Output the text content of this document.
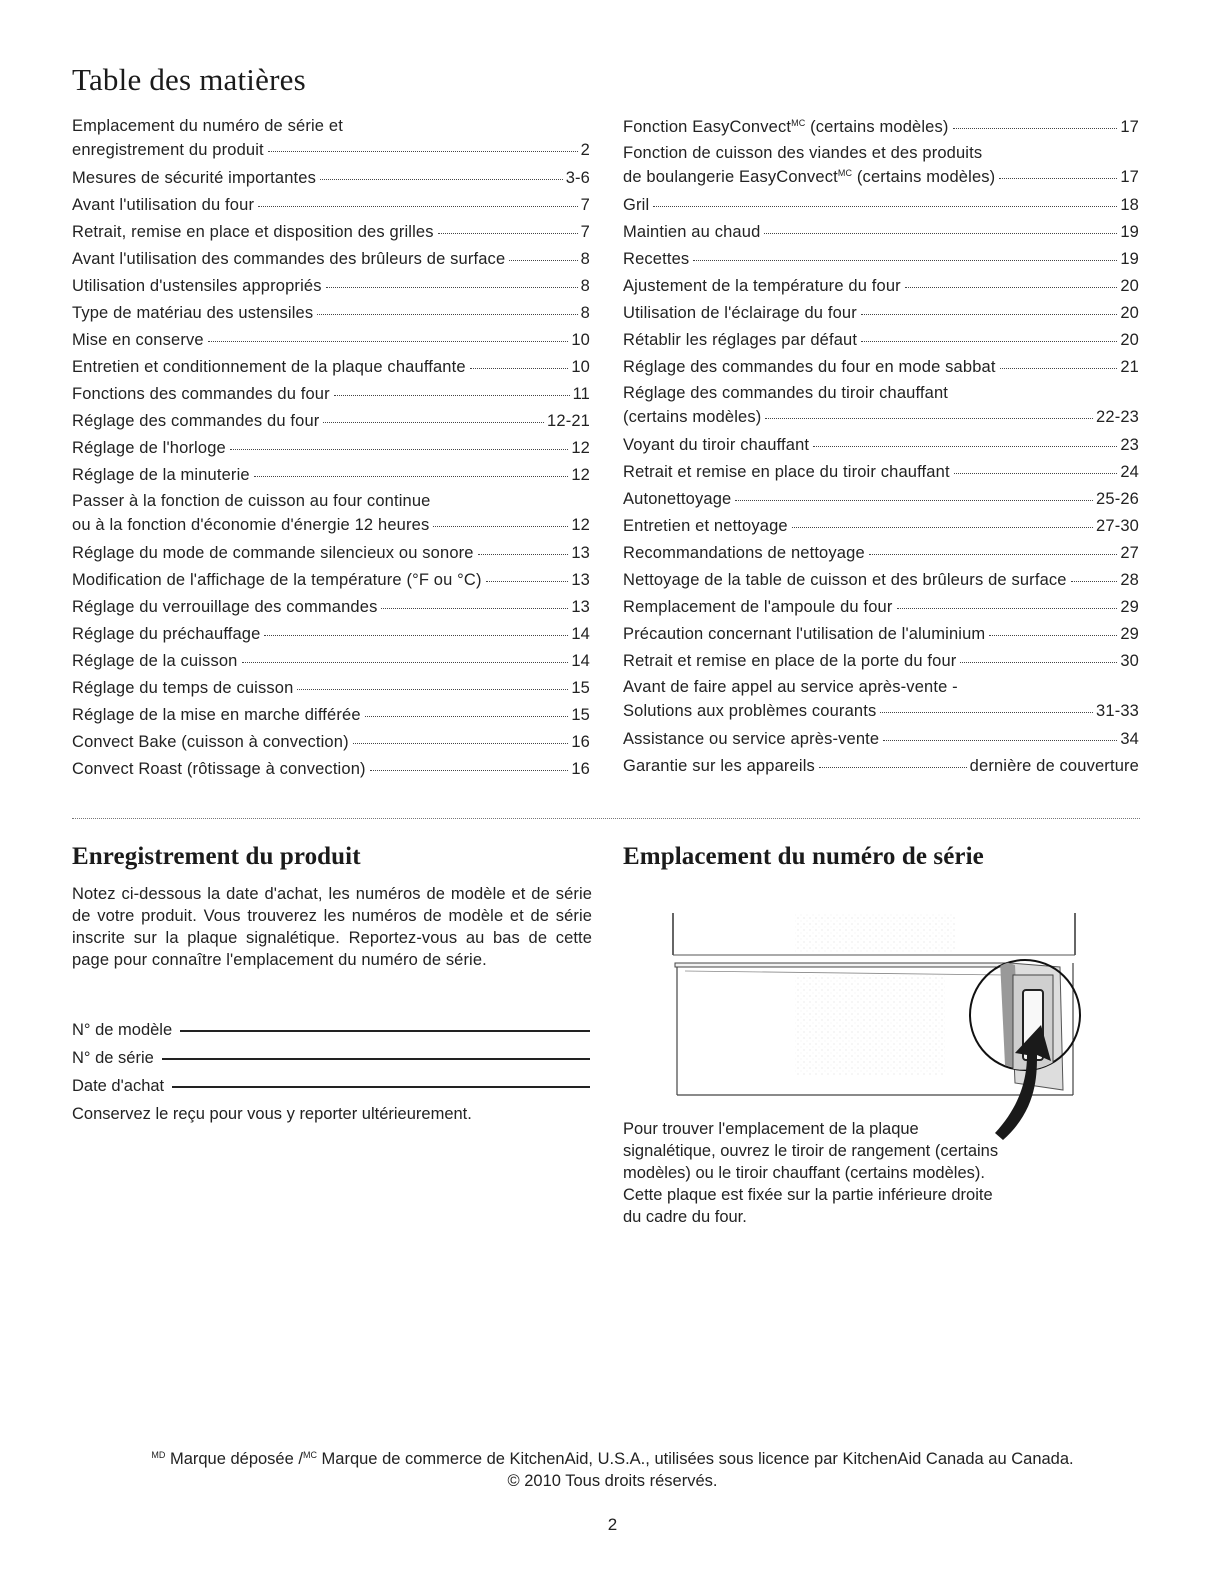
Table des matières
Emplacement du numéro de série et
enregistrement du produit	2
Mesures de sécurité importantes	3-6
Avant l'utilisation du four	7
Retrait, remise en place et disposition des grilles	7
Avant l'utilisation des commandes des brûleurs de surface	8
Utilisation d'ustensiles appropriés	8
Type de matériau des ustensiles	8
Mise en conserve	10
Entretien et conditionnement de la plaque chauffante	10
Fonctions des commandes du four	11
Réglage des commandes du four	12-21
Réglage de l'horloge	12
Réglage de la minuterie	12
Passer à la fonction de cuisson au four continue
ou à la fonction d'économie d'énergie 12 heures	12
Réglage du mode de commande silencieux ou sonore	13
Modification de l'affichage de la température (°F ou °C)	13
Réglage du verrouillage des commandes	13
Réglage du préchauffage	14
Réglage de la cuisson	14
Réglage du temps de cuisson	15
Réglage de la mise en marche différée	15
Convect Bake (cuisson à convection)	16
Convect Roast (rôtissage à convection)	16
Fonction EasyConvect$^{MC}$ (certains modèles)	17
Fonction de cuisson des viandes et des produits
de boulangerie EasyConvect$^{MC}$ (certains modèles)	17
Gril	18
Maintien au chaud	19
Recettes	19
Ajustement de la température du four	20
Utilisation de l'éclairage du four	20
Rétablir les réglages par défaut	20
Réglage des commandes du four en mode sabbat	21
Réglage des commandes du tiroir chauffant
(certains modèles)	22-23
Voyant du tiroir chauffant	23
Retrait et remise en place du tiroir chauffant	24
Autonettoyage	25-26
Entretien et nettoyage	27-30
Recommandations de nettoyage	27
Nettoyage de la table de cuisson et des brûleurs de surface	28
Remplacement de l'ampoule du four	29
Précaution concernant l'utilisation de l'aluminium	29
Retrait et remise en place de la porte du four	30
Avant de faire appel au service après-vente -
Solutions aux problèmes courants	31-33
Assistance ou service après-vente	34
Garantie sur les appareils	dernière de couverture
Enregistrement du produit

Notez ci-dessous la date d'achat, les numéros de modèle et de série de votre produit. Vous trouverez les numéros de modèle et de série inscrite sur la plaque signalétique. Reportez-vous au bas de cette page pour connaître l'emplacement du numéro de série.

N° de modèle
N° de série
Date d'achat

Conservez le reçu pour vous y reporter ultérieurement.

Emplacement du numéro de série

Pour trouver l'emplacement de la plaque signalétique, ouvrez le tiroir de rangement (certains modèles) ou le tiroir chauffant (certains modèles). Cette plaque est fixée sur la partie inférieure droite du cadre du four.

$^{MD}$ Marque déposée /$^{MC}$ Marque de commerce de KitchenAid, U.S.A., utilisées sous licence par KitchenAid Canada au Canada.
© 2010 Tous droits réservés.

2
